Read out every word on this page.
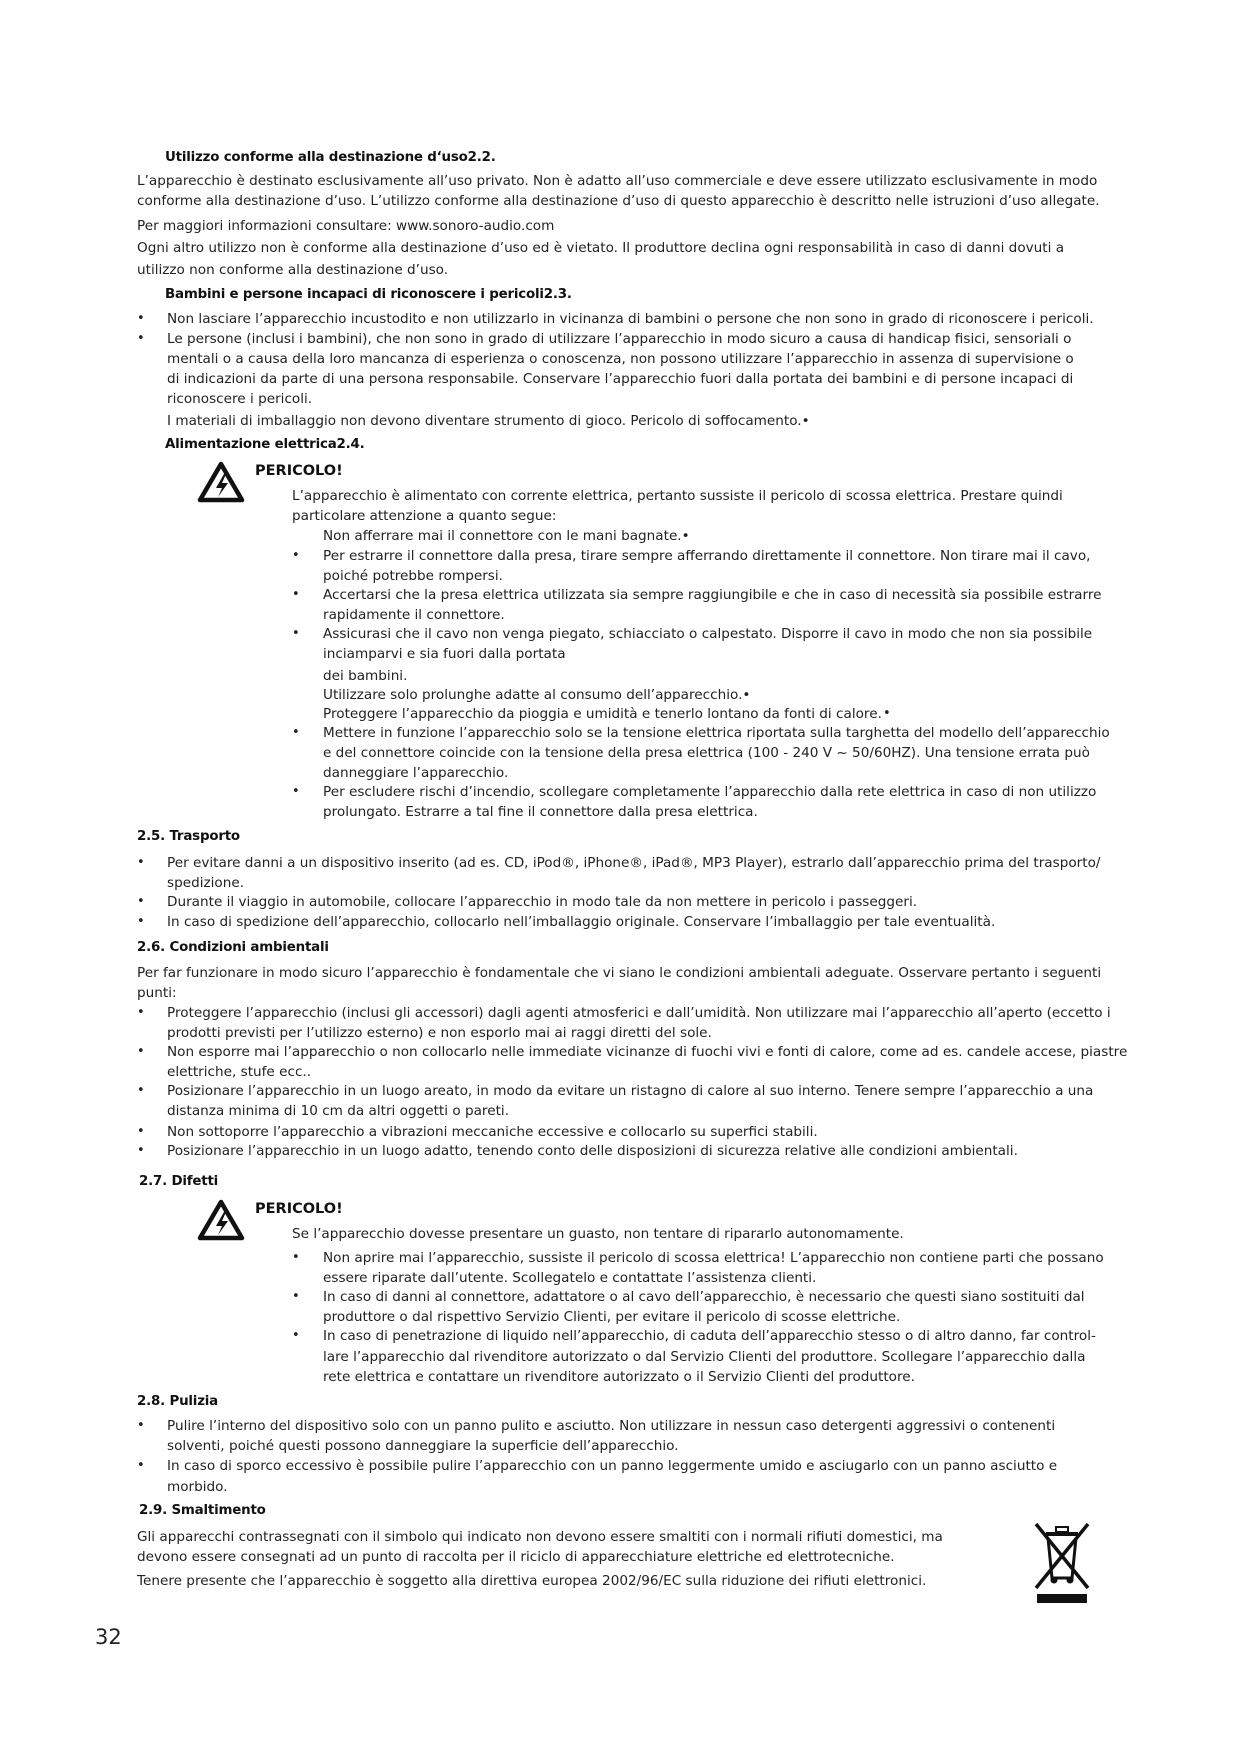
Utilizzo conforme alla destinazione d‘uso2.2.
L’apparecchio è destinato esclusivamente all’uso privato. Non è adatto all’uso commerciale e deve essere utilizzato esclusivamente in modo
conforme alla destinazione d’uso. L’utilizzo conforme alla destinazione d’uso di questo apparecchio è descritto nelle istruzioni d’uso allegate.
Per maggiori informazioni consultare: www.sonoro-audio.com
Ogni altro utilizzo non è conforme alla destinazione d’uso ed è vietato. Il produttore declina ogni responsabilità in caso di danni dovuti a
utilizzo non conforme alla destinazione d’uso.
Bambini e persone incapaci di riconoscere i pericoli2.3.
• Non lasciare l’apparecchio incustodito e non utilizzarlo in vicinanza di bambini o persone che non sono in grado di riconoscere i pericoli.
• Le persone (inclusi i bambini), che non sono in grado di utilizzare l’apparecchio in modo sicuro a causa di handicap fisici, sensoriali o
mentali o a causa della loro mancanza di esperienza o conoscenza, non possono utilizzare l’apparecchio in assenza di supervisione o
di indicazioni da parte di una persona responsabile. Conservare l’apparecchio fuori dalla portata dei bambini e di persone incapaci di
riconoscere i pericoli.
I materiali di imballaggio non devono diventare strumento di gioco. Pericolo di soffocamento.•
Alimentazione elettrica2.4.
PERICOLO!
L’apparecchio è alimentato con corrente elettrica, pertanto sussiste il pericolo di scossa elettrica. Prestare quindi
particolare attenzione a quanto segue:
Non afferrare mai il connettore con le mani bagnate.•
• Per estrarre il connettore dalla presa, tirare sempre afferrando direttamente il connettore. Non tirare mai il cavo,
poiché potrebbe rompersi.
• Accertarsi che la presa elettrica utilizzata sia sempre raggiungibile e che in caso di necessità sia possibile estrarre
rapidamente il connettore.
• Assicurasi che il cavo non venga piegato, schiacciato o calpestato. Disporre il cavo in modo che non sia possibile
inciamparvi e sia fuori dalla portata
dei bambini.
Utilizzare solo prolunghe adatte al consumo dell’apparecchio.•
Proteggere l’apparecchio da pioggia e umidità e tenerlo lontano da fonti di calore. •
• Mettere in funzione l’apparecchio solo se la tensione elettrica riportata sulla targhetta del modello dell’apparecchio
e del connettore coincide con la tensione della presa elettrica (100 - 240 V ~ 50/60HZ). Una tensione errata può
danneggiare l’apparecchio.
• Per escludere rischi d’incendio, scollegare completamente l’apparecchio dalla rete elettrica in caso di non utilizzo
prolungato. Estrarre a tal fine il connettore dalla presa elettrica.
2.5. Trasporto
• Per evitare danni a un dispositivo inserito (ad es. CD, iPod®, iPhone®, iPad®, MP3 Player), estrarlo dall’apparecchio prima del trasporto/
spedizione.
• Durante il viaggio in automobile, collocare l’apparecchio in modo tale da non mettere in pericolo i passeggeri.
• In caso di spedizione dell’apparecchio, collocarlo nell’imballaggio originale. Conservare l’imballaggio per tale eventualità.
2.6. Condizioni ambientali
Per far funzionare in modo sicuro l’apparecchio è fondamentale che vi siano le condizioni ambientali adeguate. Osservare pertanto i seguenti
punti:
• Proteggere l’apparecchio (inclusi gli accessori) dagli agenti atmosferici e dall’umidità. Non utilizzare mai l’apparecchio all’aperto (eccetto i
prodotti previsti per l’utilizzo esterno) e non esporlo mai ai raggi diretti del sole.
• Non esporre mai l’apparecchio o non collocarlo nelle immediate vicinanze di fuochi vivi e fonti di calore, come ad es. candele accese, piastre
elettriche, stufe ecc..
• Posizionare l’apparecchio in un luogo areato, in modo da evitare un ristagno di calore al suo interno. Tenere sempre l’apparecchio a una
distanza minima di 10 cm da altri oggetti o pareti.
• Non sottoporre l’apparecchio a vibrazioni meccaniche eccessive e collocarlo su superfici stabili.
• Posizionare l’apparecchio in un luogo adatto, tenendo conto delle disposizioni di sicurezza relative alle condizioni ambientali.
2.7. Difetti
PERICOLO!
Se l’apparecchio dovesse presentare un guasto, non tentare di ripararlo autonomamente.
• Non aprire mai l’apparecchio, sussiste il pericolo di scossa elettrica! L’apparecchio non contiene parti che possano
essere riparate dall’utente. Scollegatelo e contattate l’assistenza clienti.
• In caso di danni al connettore, adattatore o al cavo dell’apparecchio, è necessario che questi siano sostituiti dal
produttore o dal rispettivo Servizio Clienti, per evitare il pericolo di scosse elettriche.
• In caso di penetrazione di liquido nell’apparecchio, di caduta dell’apparecchio stesso o di altro danno, far control-
lare l’apparecchio dal rivenditore autorizzato o dal Servizio Clienti del produttore. Scollegare l’apparecchio dalla
rete elettrica e contattare un rivenditore autorizzato o il Servizio Clienti del produttore.
2.8. Pulizia
• Pulire l’interno del dispositivo solo con un panno pulito e asciutto. Non utilizzare in nessun caso detergenti aggressivi o contenenti
solventi, poiché questi possono danneggiare la superficie dell’apparecchio.
• In caso di sporco eccessivo è possibile pulire l’apparecchio con un panno leggermente umido e asciugarlo con un panno asciutto e
morbido.
2.9. Smaltimento
Gli apparecchi contrassegnati con il simbolo qui indicato non devono essere smaltiti con i normali rifiuti domestici, ma
devono essere consegnati ad un punto di raccolta per il riciclo di apparecchiature elettriche ed elettrotecniche.
Tenere presente che l’apparecchio è soggetto alla direttiva europea 2002/96/EC sulla riduzione dei rifiuti elettronici.
32
